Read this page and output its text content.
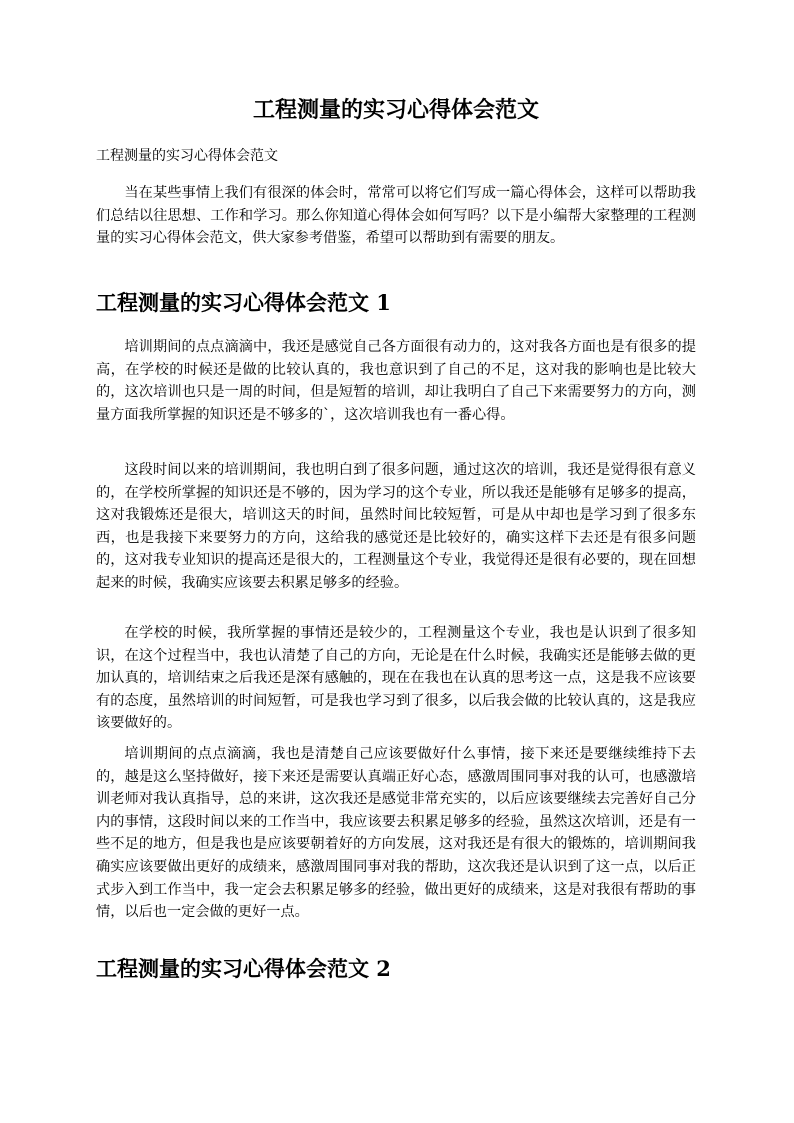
工程测量的实习心得体会范文

工程测量的实习心得体会范文

当在某些事情上我们有很深的体会时，常常可以将它们写成一篇心得体会，这样可以帮助我们总结以往思想、工作和学习。那么你知道心得体会如何写吗？以下是小编帮大家整理的工程测量的实习心得体会范文，供大家参考借鉴，希望可以帮助到有需要的朋友。

工程测量的实习心得体会范文 1

培训期间的点点滴滴中，我还是感觉自己各方面很有动力的，这对我各方面也是有很多的提高，在学校的时候还是做的比较认真的，我也意识到了自己的不足，这对我的影响也是比较大的，这次培训也只是一周的时间，但是短暂的培训，却让我明白了自己下来需要努力的方向，测量方面我所掌握的知识还是不够多的`，这次培训我也有一番心得。

这段时间以来的培训期间，我也明白到了很多问题，通过这次的培训，我还是觉得很有意义的，在学校所掌握的知识还是不够的，因为学习的这个专业，所以我还是能够有足够多的提高，这对我锻炼还是很大，培训这天的时间，虽然时间比较短暂，可是从中却也是学习到了很多东西，也是我接下来要努力的方向，这给我的感觉还是比较好的，确实这样下去还是有很多问题的，这对我专业知识的提高还是很大的，工程测量这个专业，我觉得还是很有必要的，现在回想起来的时候，我确实应该要去积累足够多的经验。

在学校的时候，我所掌握的事情还是较少的，工程测量这个专业，我也是认识到了很多知识，在这个过程当中，我也认清楚了自己的方向，无论是在什么时候，我确实还是能够去做的更加认真的，培训结束之后我还是深有感触的，现在在我也在认真的思考这一点，这是我不应该要有的态度，虽然培训的时间短暂，可是我也学习到了很多，以后我会做的比较认真的，这是我应该要做好的。

培训期间的点点滴滴，我也是清楚自己应该要做好什么事情，接下来还是要继续维持下去的，越是这么坚持做好，接下来还是需要认真端正好心态，感激周围同事对我的认可，也感激培训老师对我认真指导，总的来讲，这次我还是感觉非常充实的，以后应该要继续去完善好自己分内的事情，这段时间以来的工作当中，我应该要去积累足够多的经验，虽然这次培训，还是有一些不足的地方，但是我也是应该要朝着好的方向发展，这对我还是有很大的锻炼的，培训期间我确实应该要做出更好的成绩来，感激周围同事对我的帮助，这次我还是认识到了这一点，以后正式步入到工作当中，我一定会去积累足够多的经验，做出更好的成绩来，这是对我很有帮助的事情，以后也一定会做的更好一点。

工程测量的实习心得体会范文 2
